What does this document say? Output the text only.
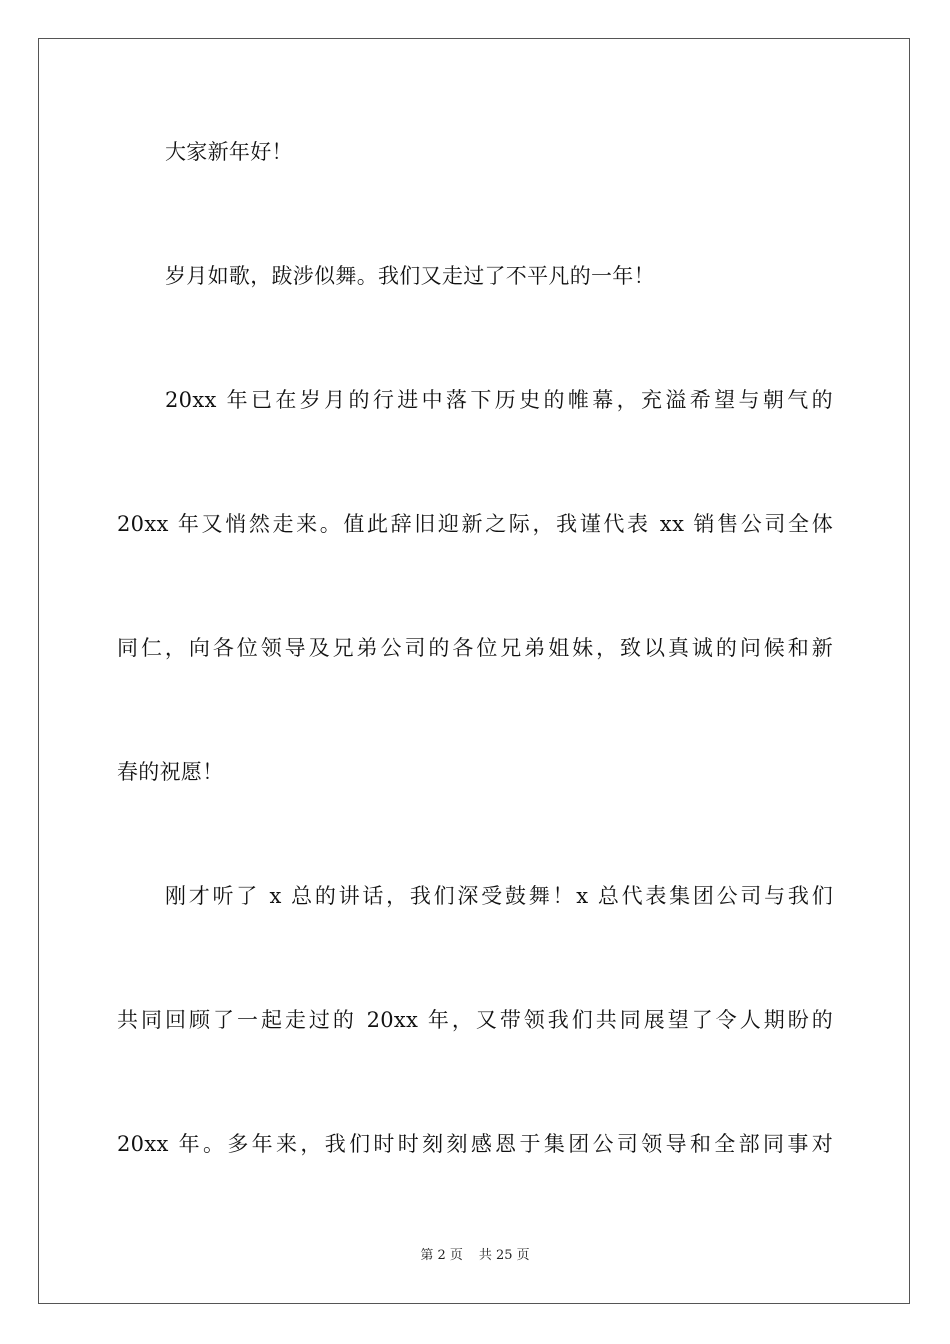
大家新年好！
岁月如歌，跋涉似舞。我们又走过了不平凡的一年！
20xx 年已在岁月的行进中落下历史的帷幕，充溢希望与朝气的
20xx 年又悄然走来。值此辞旧迎新之际，我谨代表 xx 销售公司全体
同仁，向各位领导及兄弟公司的各位兄弟姐妹，致以真诚的问候和新
春的祝愿！
刚才听了 x 总的讲话，我们深受鼓舞！x 总代表集团公司与我们
共同回顾了一起走过的 20xx 年，又带领我们共同展望了令人期盼的
20xx 年。多年来，我们时时刻刻感恩于集团公司领导和全部同事对
第 2 页 共 25 页
